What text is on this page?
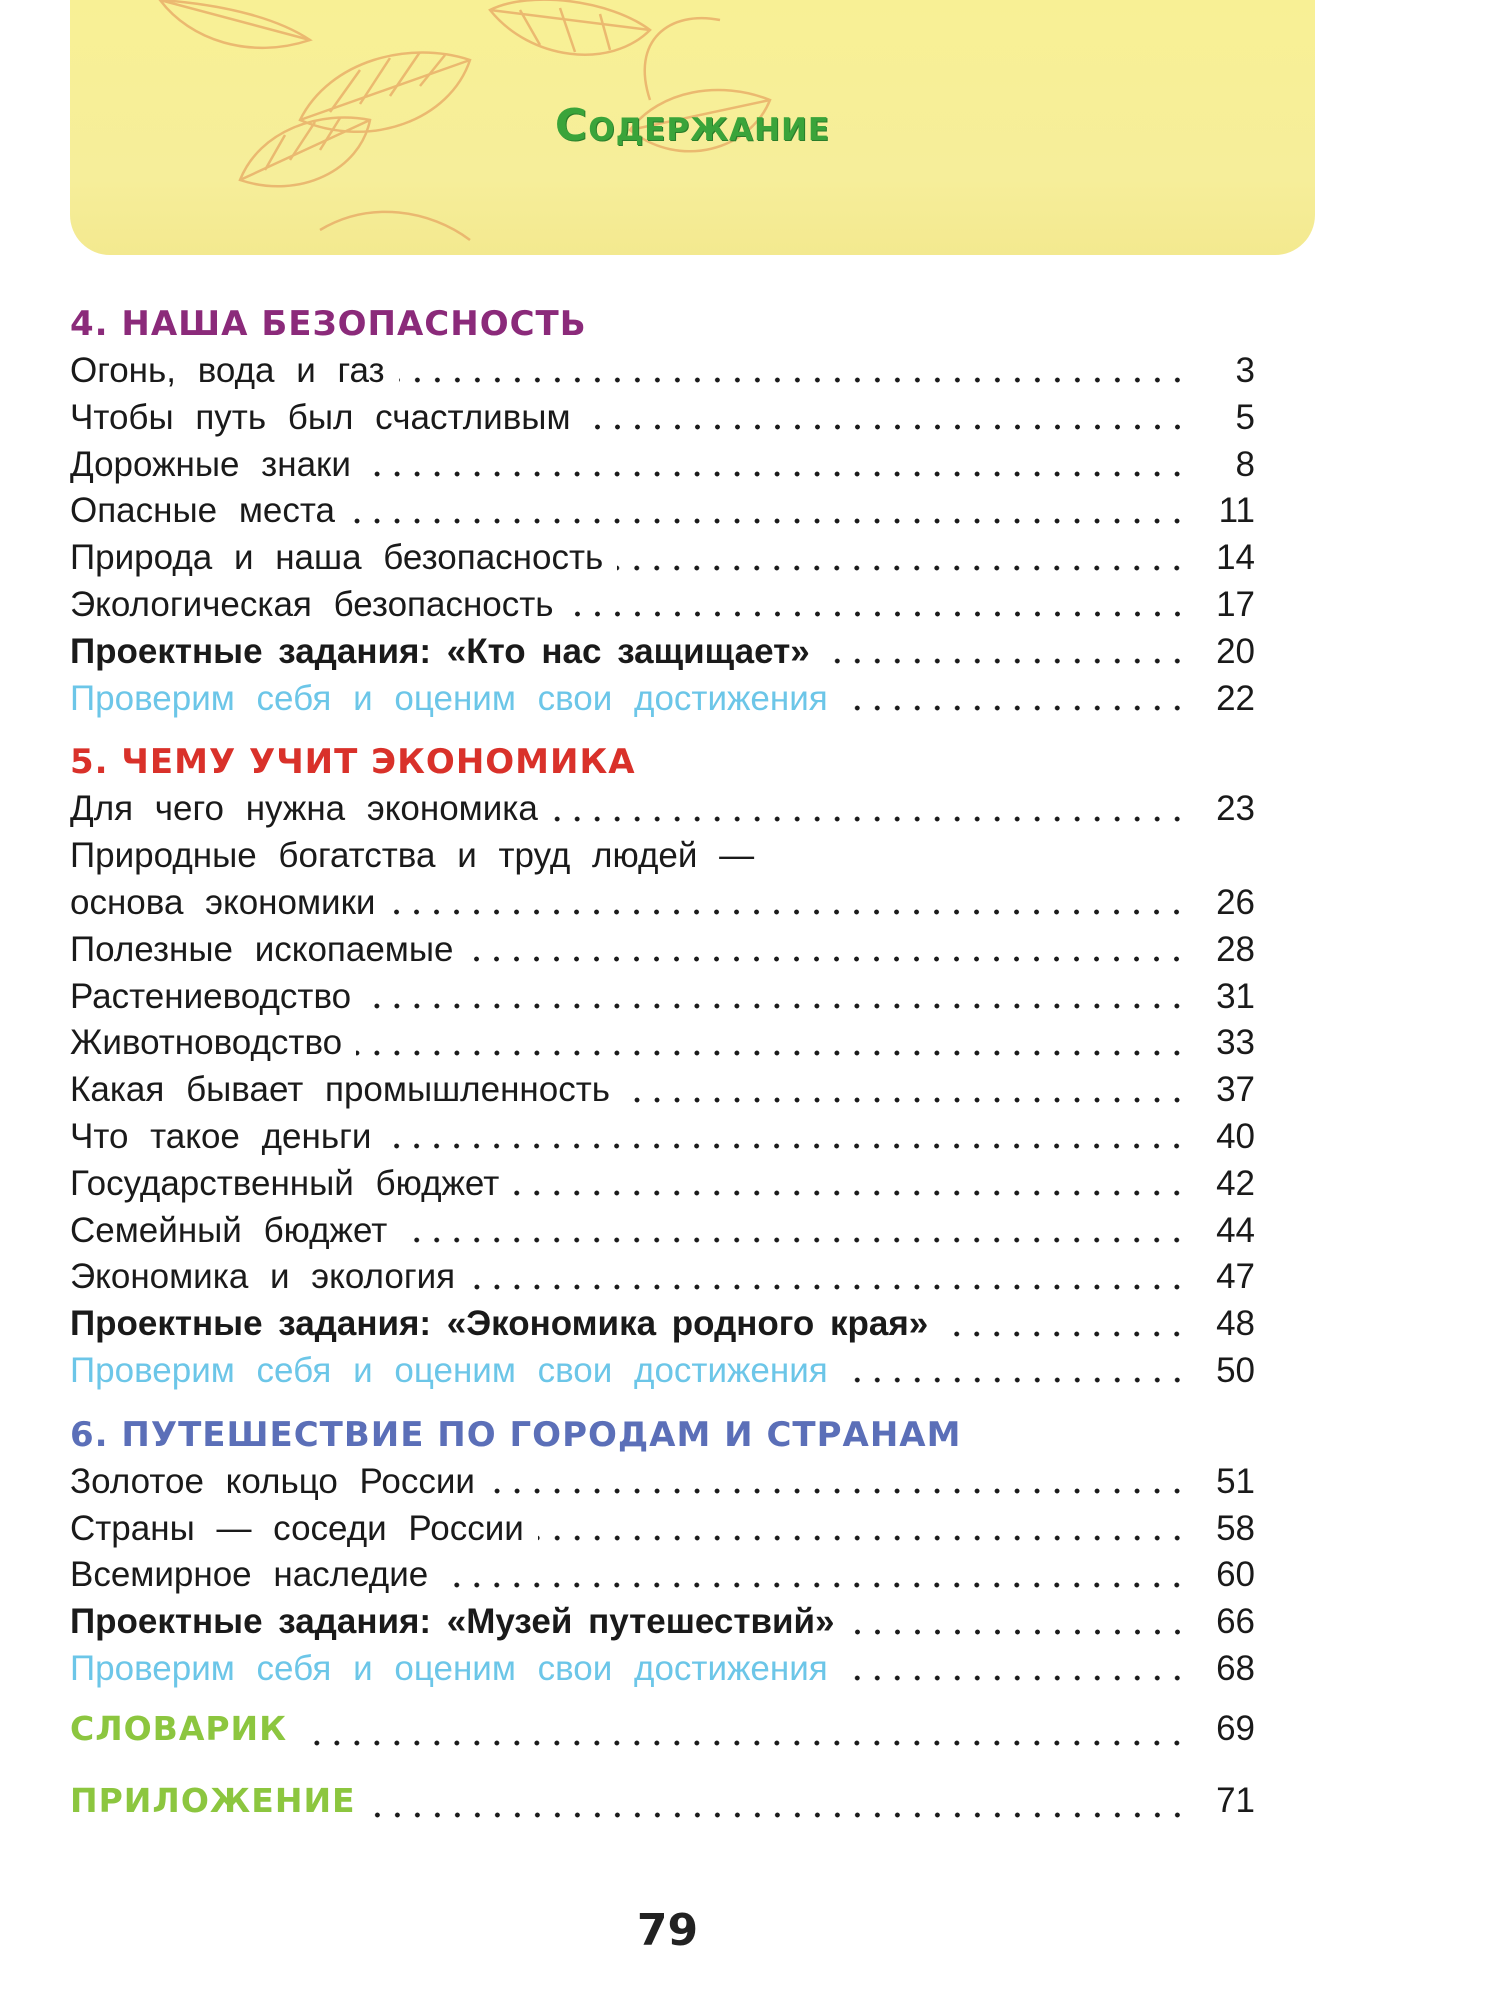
Содержание
4. НАША БЕЗОПАСНОСТЬ
Огонь, вода и газ	3
Чтобы путь был счастливым	5
Дорожные знаки	8
Опасные места	11
Природа и наша безопасность	14
Экологическая безопасность	17
Проектные задания: «Кто нас защищает»	20
Проверим себя и оценим свои достижения	22
5. ЧЕМУ УЧИТ ЭКОНОМИКА
Для чего нужна экономика	23
Природные богатства и труд людей —
основа экономики	26
Полезные ископаемые	28
Растениеводство	31
Животноводство	33
Какая бывает промышленность	37
Что такое деньги	40
Государственный бюджет	42
Семейный бюджет	44
Экономика и экология	47
Проектные задания: «Экономика родного края»	48
Проверим себя и оценим свои достижения	50
6. ПУТЕШЕСТВИЕ ПО ГОРОДАМ И СТРАНАМ
Золотое кольцо России	51
Страны — соседи России	58
Всемирное наследие	60
Проектные задания: «Музей путешествий»	66
Проверим себя и оценим свои достижения	68
СЛОВАРИК	69
ПРИЛОЖЕНИЕ	71
79
